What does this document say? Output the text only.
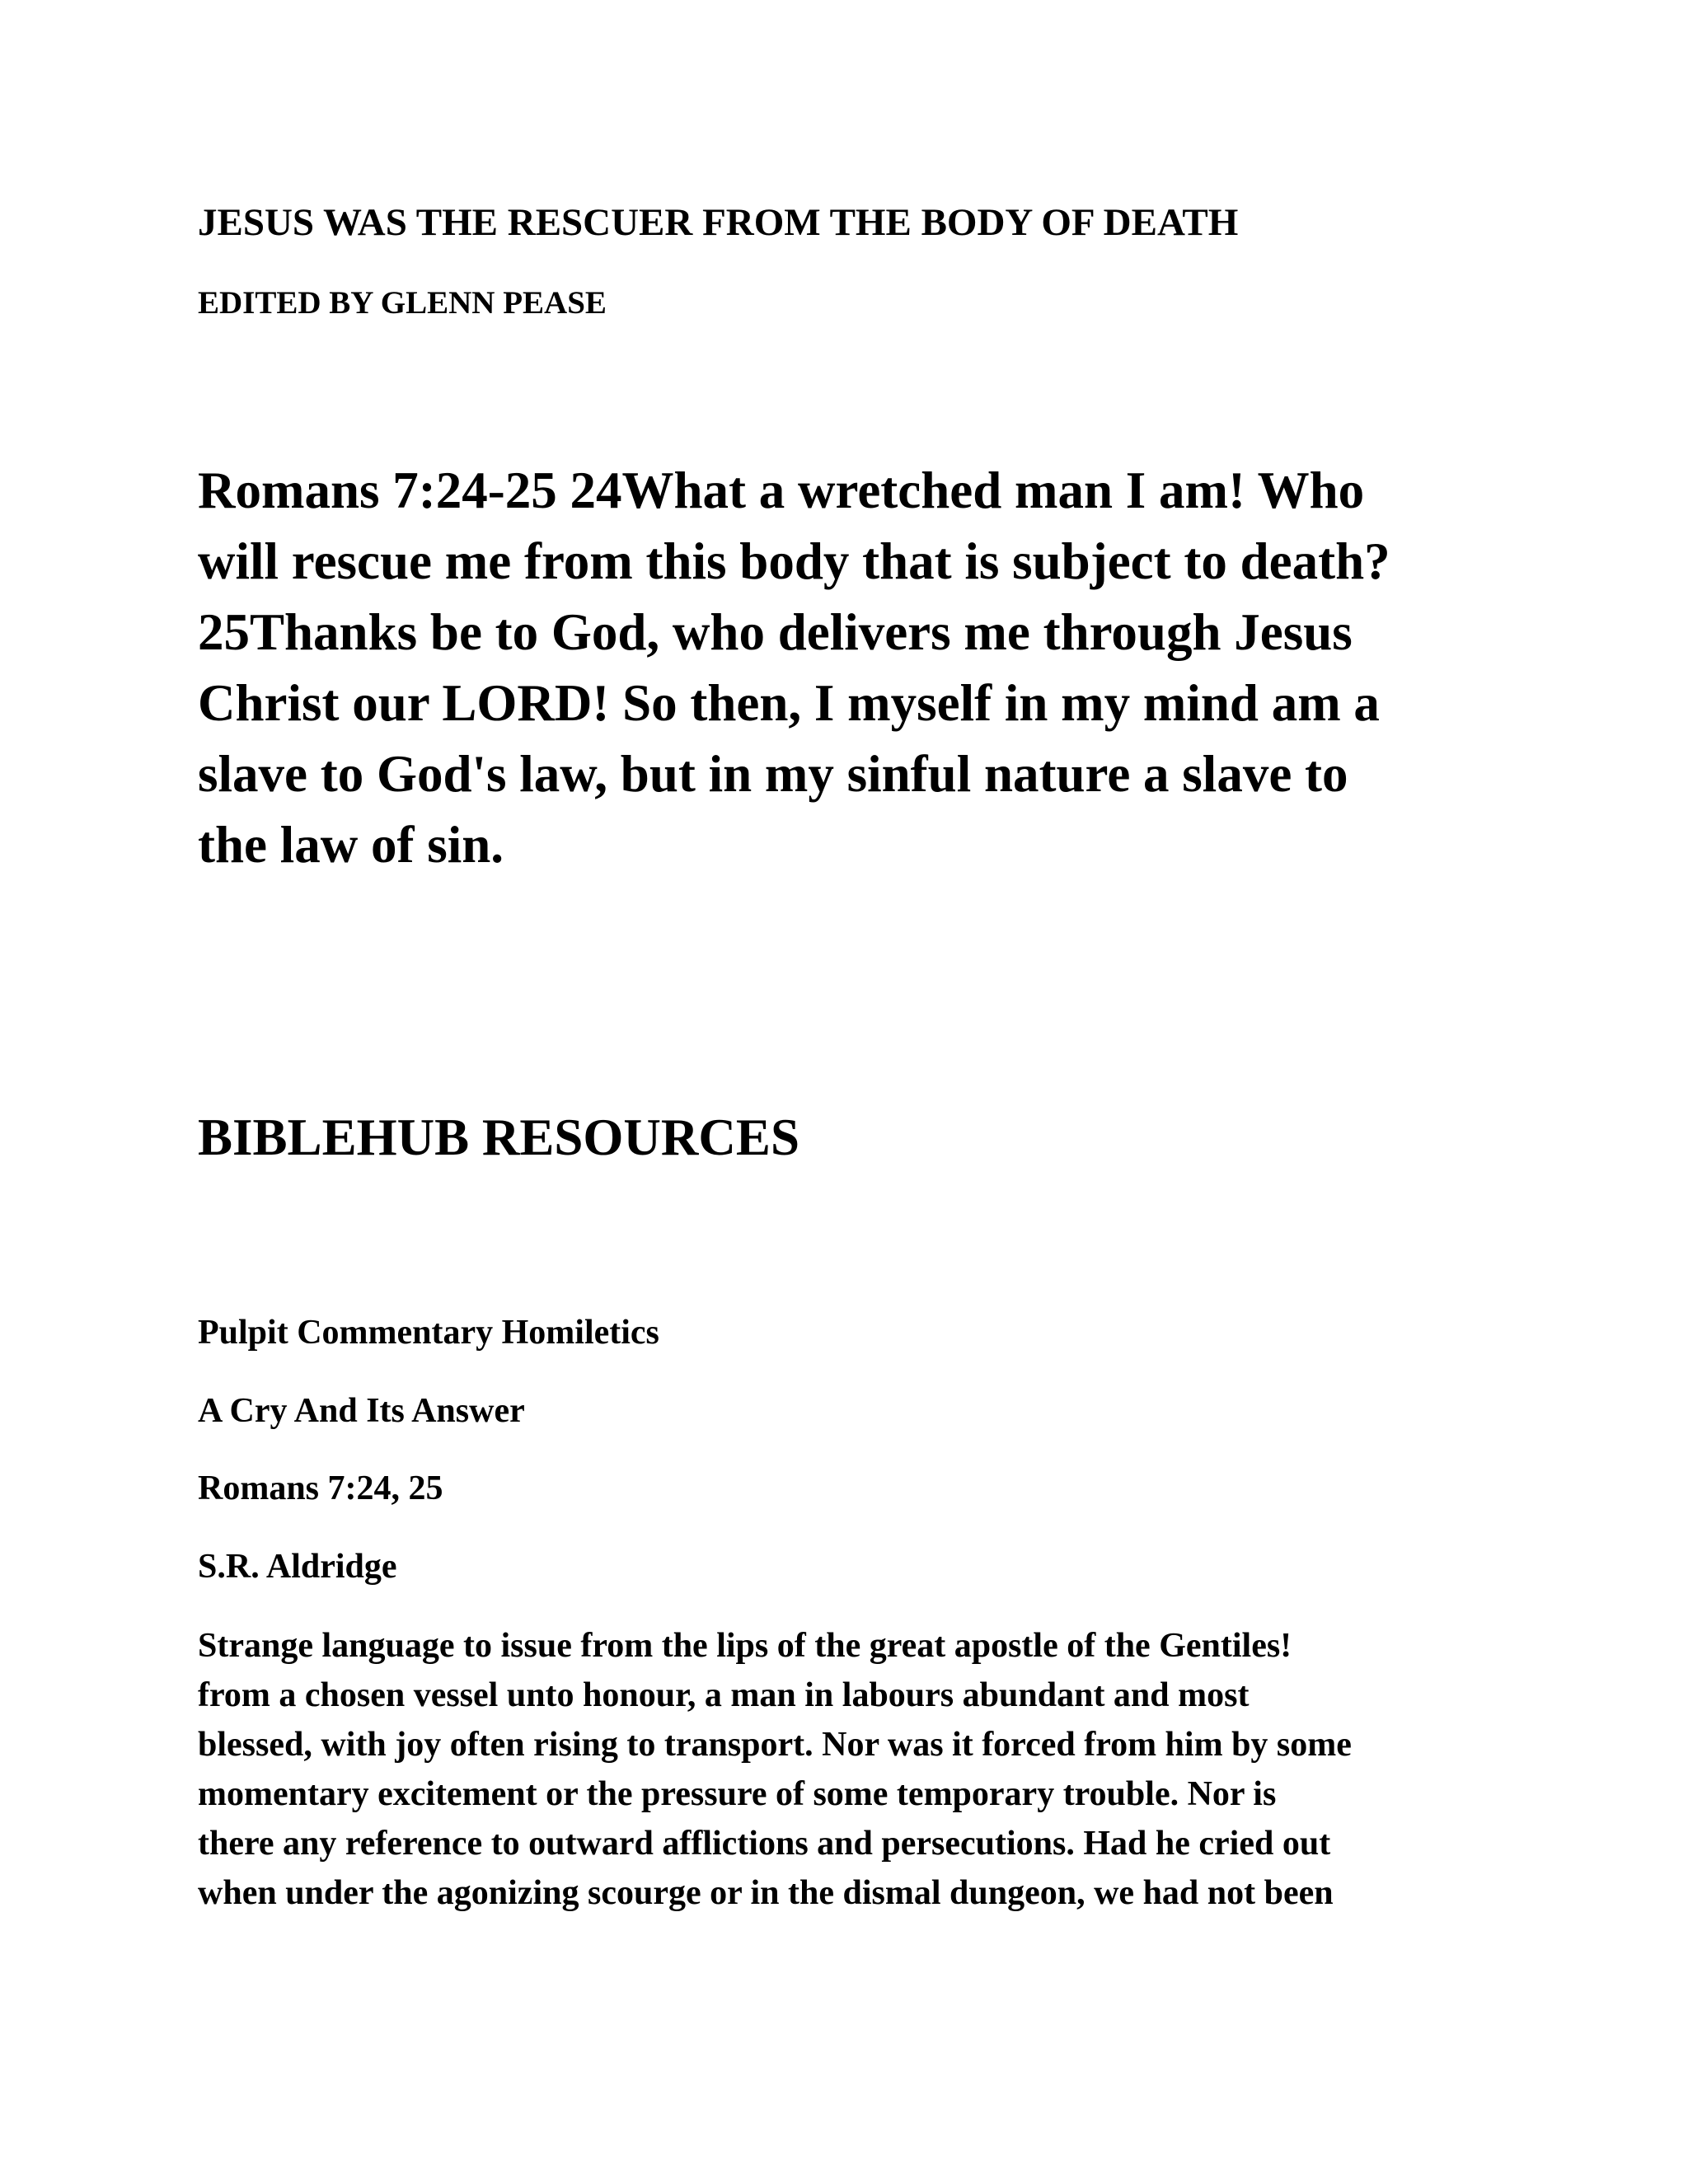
JESUS WAS THE RESCUER FROM THE BODY OF DEATH

EDITED BY GLENN PEASE

Romans 7:24-25 24What a wretched man I am! Who

will rescue me from this body that is subject to death?

25Thanks be to God, who delivers me through Jesus

Christ our LORD! So then, I myself in my mind am a

slave to God's law, but in my sinful nature a slave to

the law of sin.

BIBLEHUB RESOURCES

Pulpit Commentary Homiletics

A Cry And Its Answer

Romans 7:24, 25

S.R. Aldridge

Strange language to issue from the lips of the great apostle of the Gentiles!

from a chosen vessel unto honour, a man in labours abundant and most

blessed, with joy often rising to transport. Nor was it forced from him by some

momentary excitement or the pressure of some temporary trouble. Nor is

there any reference to outward afflictions and persecutions. Had he cried out

when under the agonizing scourge or in the dismal dungeon, we had not been
